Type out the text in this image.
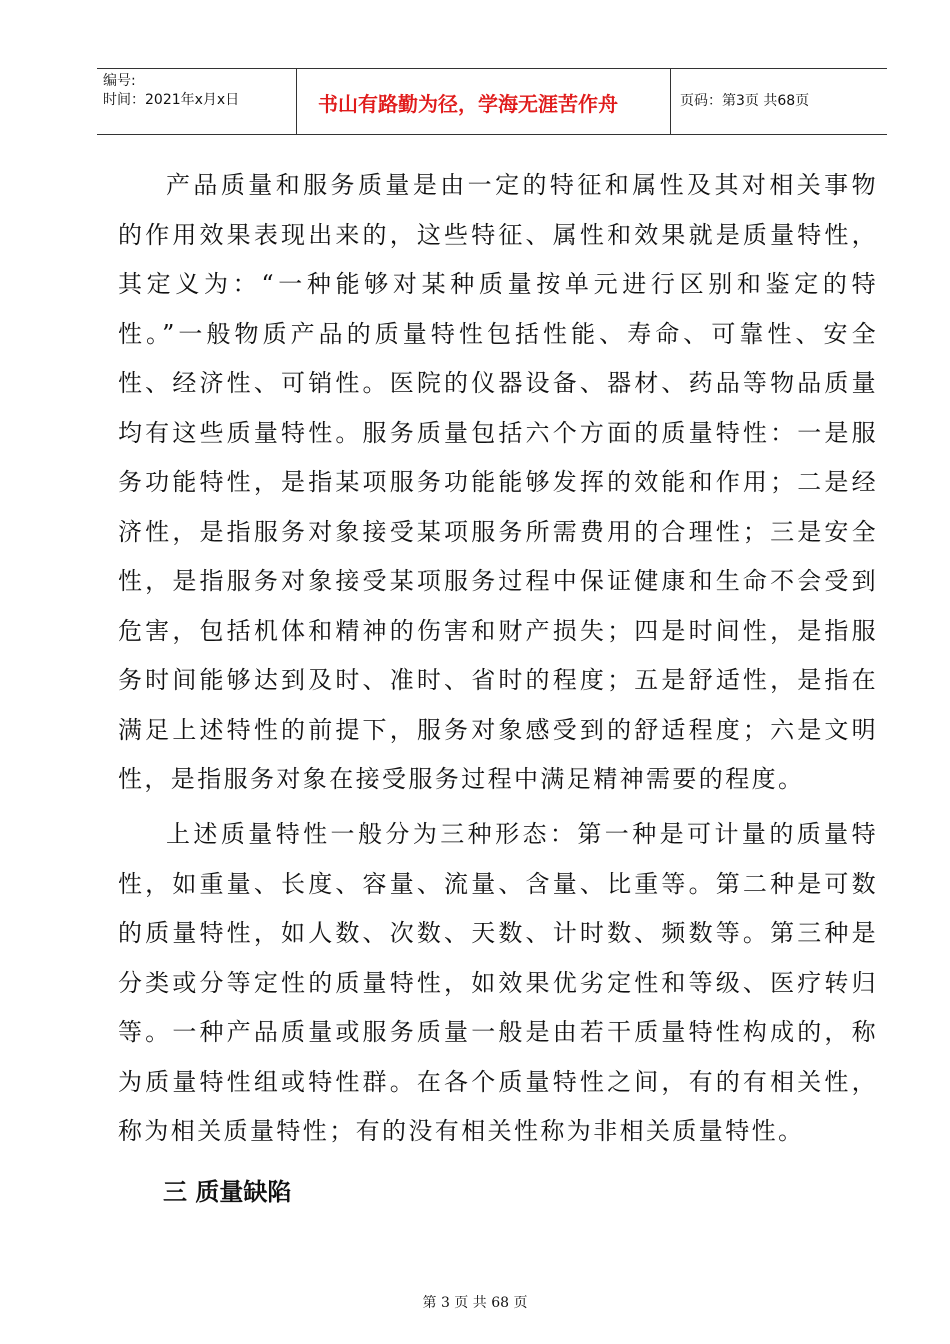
编号:
时间：2021年x月x日	书山有路勤为径，学海无涯苦作舟	页码：第3页 共68页

产品质量和服务质量是由一定的特征和属性及其对相关事物的作用效果表现出来的，这些特征、属性和效果就是质量特性，其定义为：“一种能够对某种质量按单元进行区别和鉴定的特性。”一般物质产品的质量特性包括性能、寿命、可靠性、安全性、经济性、可销性。医院的仪器设备、器材、药品等物品质量均有这些质量特性。服务质量包括六个方面的质量特性：一是服务功能特性，是指某项服务功能能够发挥的效能和作用；二是经济性，是指服务对象接受某项服务所需费用的合理性；三是安全性，是指服务对象接受某项服务过程中保证健康和生命不会受到危害，包括机体和精神的伤害和财产损失；四是时间性，是指服务时间能够达到及时、准时、省时的程度；五是舒适性，是指在满足上述特性的前提下，服务对象感受到的舒适程度；六是文明性，是指服务对象在接受服务过程中满足精神需要的程度。

上述质量特性一般分为三种形态：第一种是可计量的质量特性，如重量、长度、容量、流量、含量、比重等。第二种是可数的质量特性，如人数、次数、天数、计时数、频数等。第三种是分类或分等定性的质量特性，如效果优劣定性和等级、医疗转归等。一种产品质量或服务质量一般是由若干质量特性构成的，称为质量特性组或特性群。在各个质量特性之间，有的有相关性，称为相关质量特性；有的没有相关性称为非相关质量特性。

三 质量缺陷
第 3 页 共 68 页
